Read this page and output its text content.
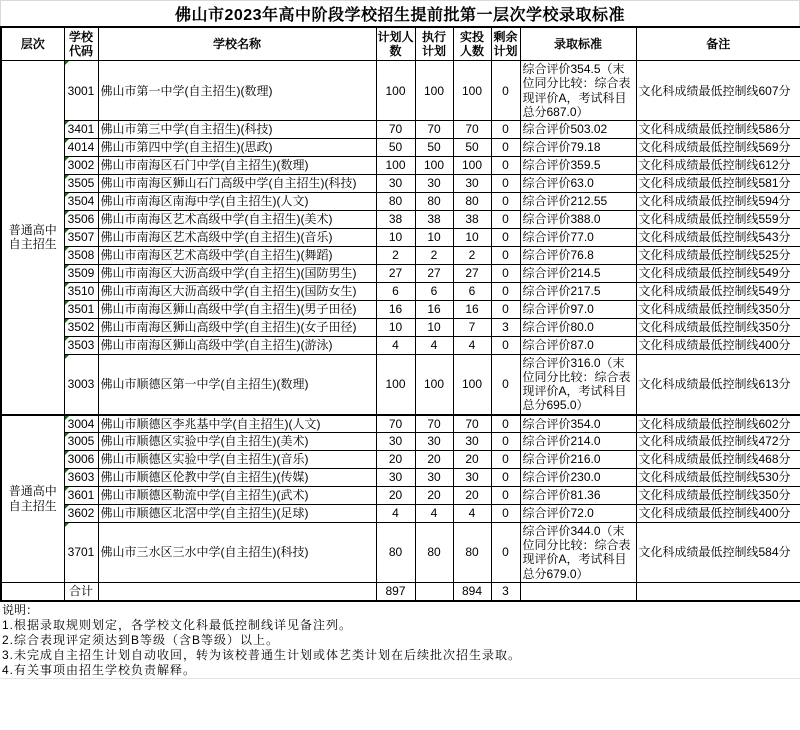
佛山市2023年高中阶段学校招生提前批第一层次学校录取标准
层次	学校代码	学校名称	计划人数	执行计划	实投人数	剩余计划	录取标准	备注
普通高中自主招生	3001	佛山市第一中学(自主招生)(数理)	100	100	100	0	综合评价354.5（末位同分比较：综合表现评价A，考试科目总分687.0）	文化科成绩最低控制线607分
	3401	佛山市第三中学(自主招生)(科技)	70	70	70	0	综合评价503.02	文化科成绩最低控制线586分
	4014	佛山市第四中学(自主招生)(思政)	50	50	50	0	综合评价79.18	文化科成绩最低控制线569分
	3002	佛山市南海区石门中学(自主招生)(数理)	100	100	100	0	综合评价359.5	文化科成绩最低控制线612分
	3505	佛山市南海区狮山石门高级中学(自主招生)(科技)	30	30	30	0	综合评价63.0	文化科成绩最低控制线581分
	3504	佛山市南海区南海中学(自主招生)(人文)	80	80	80	0	综合评价212.55	文化科成绩最低控制线594分
	3506	佛山市南海区艺术高级中学(自主招生)(美术)	38	38	38	0	综合评价388.0	文化科成绩最低控制线559分
	3507	佛山市南海区艺术高级中学(自主招生)(音乐)	10	10	10	0	综合评价77.0	文化科成绩最低控制线543分
	3508	佛山市南海区艺术高级中学(自主招生)(舞蹈)	2	2	2	0	综合评价76.8	文化科成绩最低控制线525分
	3509	佛山市南海区大沥高级中学(自主招生)(国防男生)	27	27	27	0	综合评价214.5	文化科成绩最低控制线549分
	3510	佛山市南海区大沥高级中学(自主招生)(国防女生)	6	6	6	0	综合评价217.5	文化科成绩最低控制线549分
	3501	佛山市南海区狮山高级中学(自主招生)(男子田径)	16	16	16	0	综合评价97.0	文化科成绩最低控制线350分
	3502	佛山市南海区狮山高级中学(自主招生)(女子田径)	10	10	7	3	综合评价80.0	文化科成绩最低控制线350分
	3503	佛山市南海区狮山高级中学(自主招生)(游泳)	4	4	4	0	综合评价87.0	文化科成绩最低控制线400分
	3003	佛山市顺德区第一中学(自主招生)(数理)	100	100	100	0	综合评价316.0（末位同分比较：综合表现评价A，考试科目总分695.0）	文化科成绩最低控制线613分
普通高中自主招生	3004	佛山市顺德区李兆基中学(自主招生)(人文)	70	70	70	0	综合评价354.0	文化科成绩最低控制线602分
	3005	佛山市顺德区实验中学(自主招生)(美术)	30	30	30	0	综合评价214.0	文化科成绩最低控制线472分
	3006	佛山市顺德区实验中学(自主招生)(音乐)	20	20	20	0	综合评价216.0	文化科成绩最低控制线468分
	3603	佛山市顺德区伦教中学(自主招生)(传媒)	30	30	30	0	综合评价230.0	文化科成绩最低控制线530分
	3601	佛山市顺德区勒流中学(自主招生)(武术)	20	20	20	0	综合评价81.36	文化科成绩最低控制线350分
	3602	佛山市顺德区北滘中学(自主招生)(足球)	4	4	4	0	综合评价72.0	文化科成绩最低控制线400分
	3701	佛山市三水区三水中学(自主招生)(科技)	80	80	80	0	综合评价344.0（末位同分比较：综合表现评价A，考试科目总分679.0）	文化科成绩最低控制线584分
	合计		897		894	3		
说明：
1.根据录取规则划定，各学校文化科最低控制线详见备注列。
2.综合表现评定须达到B等级（含B等级）以上。
3.未完成自主招生计划自动收回，转为该校普通生计划或体艺类计划在后续批次招生录取。
4.有关事项由招生学校负责解释。
